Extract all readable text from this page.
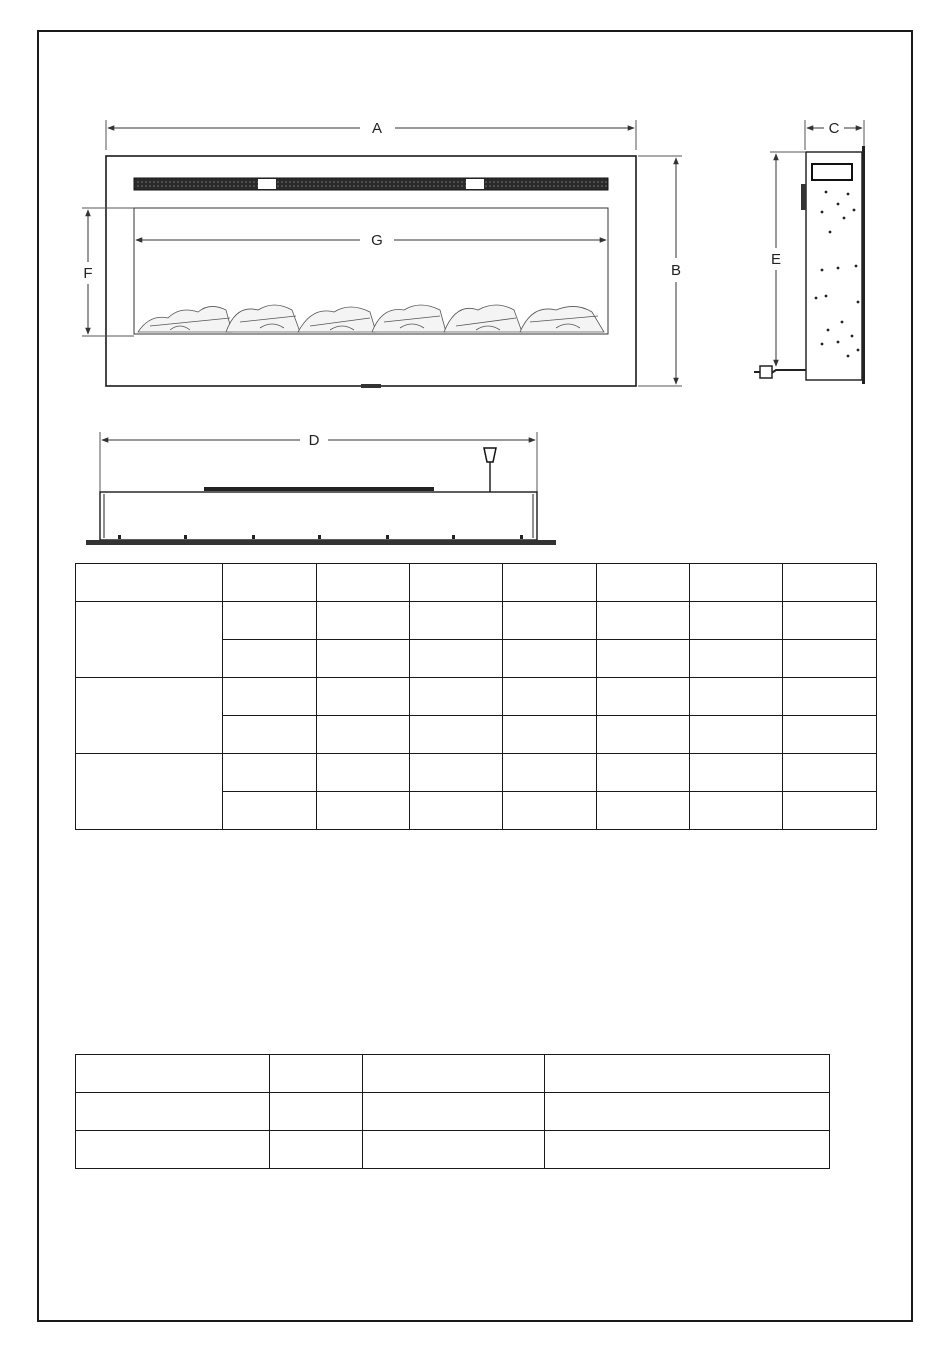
A
G
B
F
C
E
D
